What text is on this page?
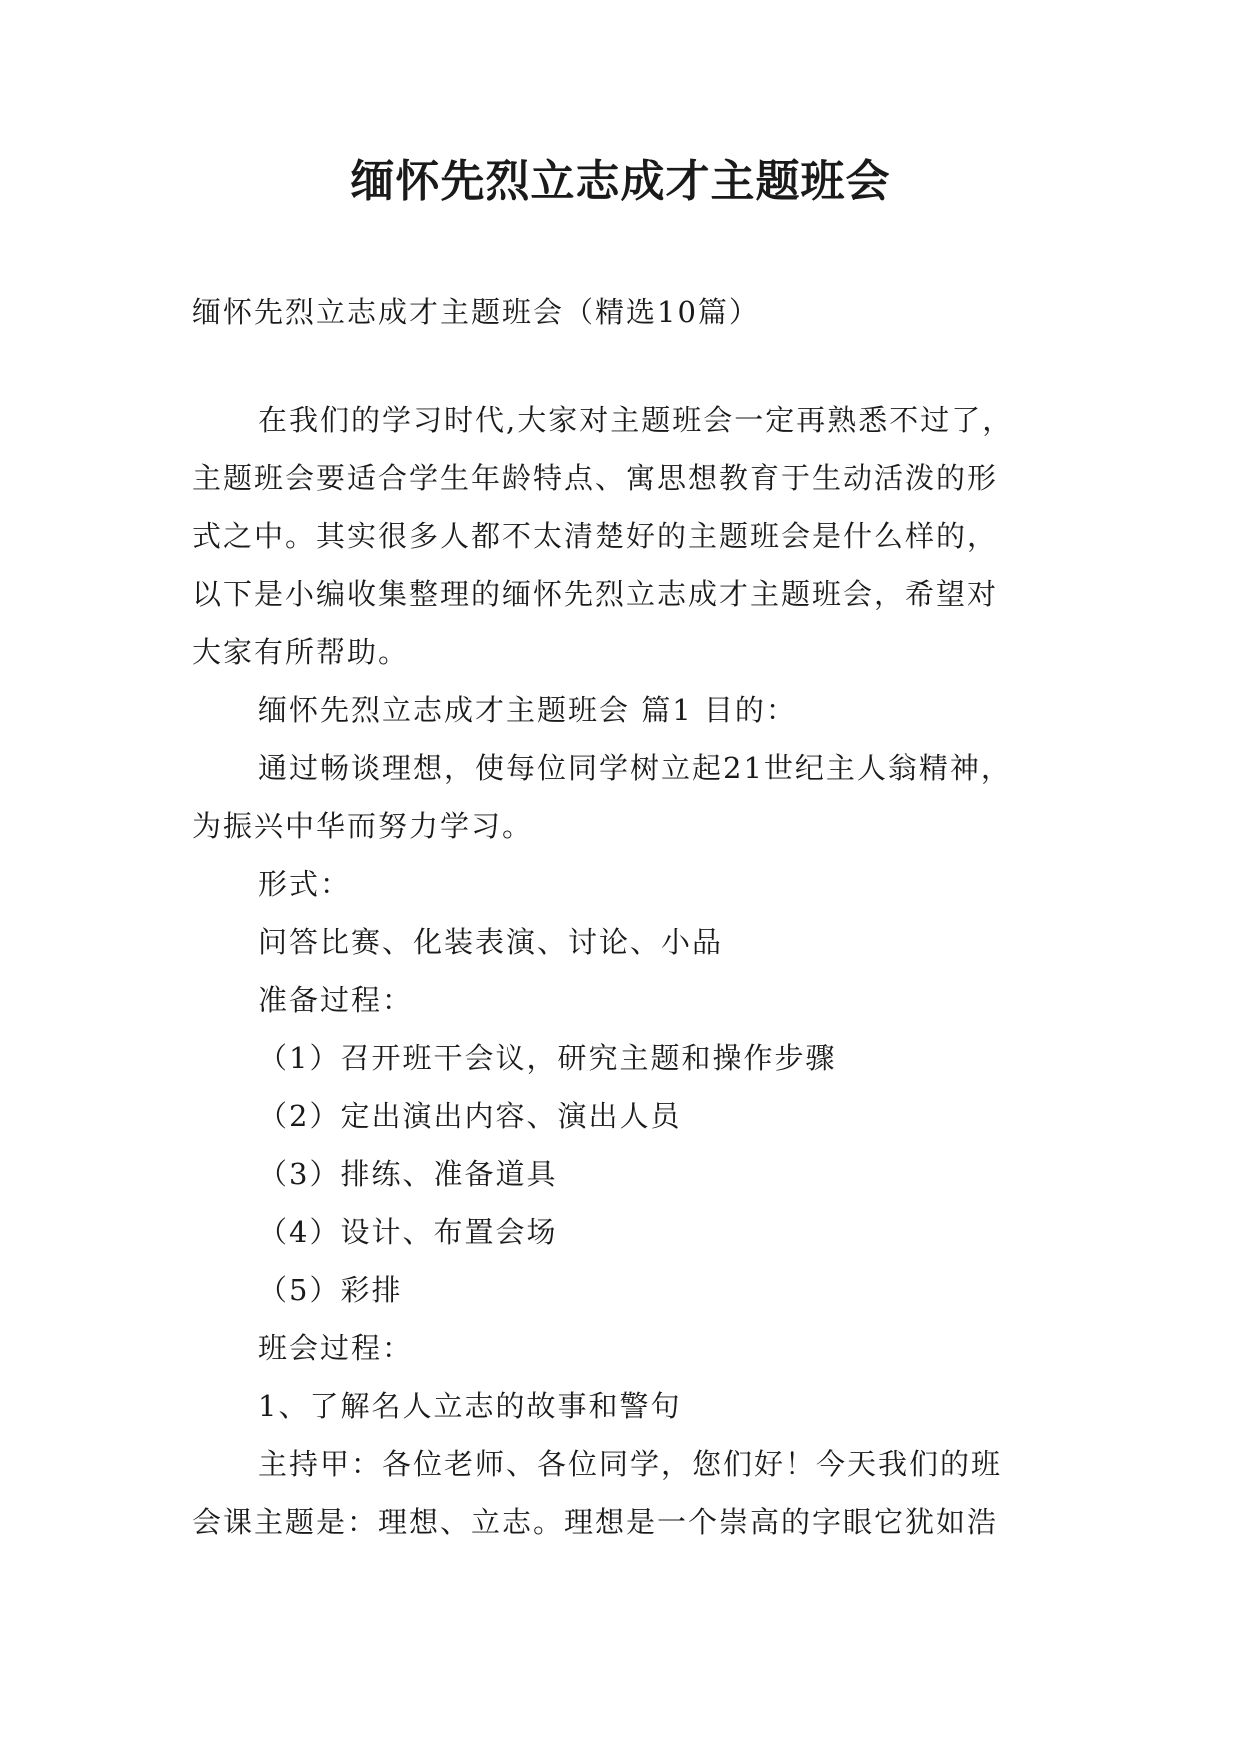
缅怀先烈立志成才主题班会

缅怀先烈立志成才主题班会（精选10篇）

在我们的学习时代,大家对主题班会一定再熟悉不过了，

主题班会要适合学生年龄特点、寓思想教育于生动活泼的形

式之中。其实很多人都不太清楚好的主题班会是什么样的，

以下是小编收集整理的缅怀先烈立志成才主题班会，希望对

大家有所帮助。

缅怀先烈立志成才主题班会 篇1 目的：

通过畅谈理想，使每位同学树立起21世纪主人翁精神，

为振兴中华而努力学习。

形式：

问答比赛、化装表演、讨论、小品

准备过程：

（1）召开班干会议，研究主题和操作步骤

（2）定出演出内容、演出人员

（3）排练、准备道具

（4）设计、布置会场

（5）彩排

班会过程：

1、了解名人立志的故事和警句

主持甲：各位老师、各位同学，您们好！今天我们的班

会课主题是：理想、立志。理想是一个崇高的字眼它犹如浩
